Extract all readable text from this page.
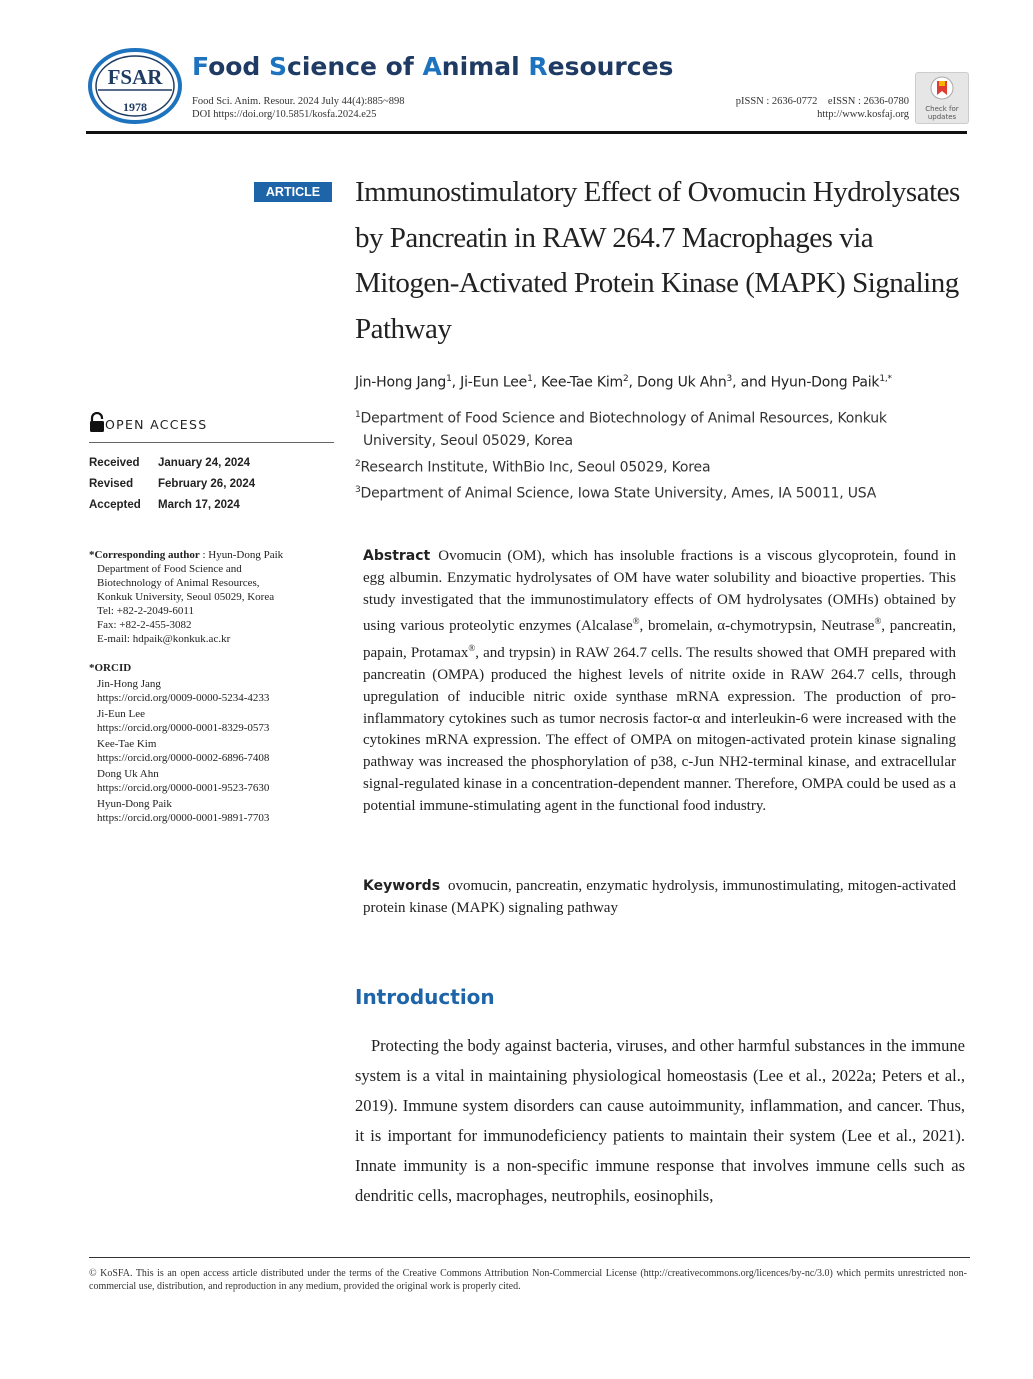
FSAR
1978
Food Science of Animal Resources
Food Sci. Anim. Resour. 2024 July 44(4):885~898
DOI https://doi.org/10.5851/kosfa.2024.e25
pISSN : 2636-0772    eISSN : 2636-0780
http://www.kosfaj.org	Check for updates
ARTICLE	Immunostimulatory Effect of Ovomucin Hydrolysates by Pancreatin in RAW 264.7 Macrophages via Mitogen-Activated Protein Kinase (MAPK) Signaling Pathway
Jin-Hong Jang$^1$, Ji-Eun Lee$^1$, Kee-Tae Kim$^2$, Dong Uk Ahn$^3$, and Hyun-Dong Paik$^{1,*}$
$^1$Department of Food Science and Biotechnology of Animal Resources, Konkuk
University, Seoul 05029, Korea
$^2$Research Institute, WithBio Inc, Seoul 05029, Korea
$^3$Department of Animal Science, Iowa State University, Ames, IA 50011, USA
OPEN ACCESS
Received January 24, 2024
Revised February 26, 2024
Accepted March 17, 2024
*Corresponding author : Hyun-Dong Paik
Department of Food Science and
Biotechnology of Animal Resources,
Konkuk University, Seoul 05029, Korea
Tel: +82-2-2049-6011
Fax: +82-2-455-3082
E-mail: hdpaik@konkuk.ac.kr
*ORCID
Jin-Hong Jang
https://orcid.org/0009-0000-5234-4233
Ji-Eun Lee
https://orcid.org/0000-0001-8329-0573
Kee-Tae Kim
https://orcid.org/0000-0002-6896-7408
Dong Uk Ahn
https://orcid.org/0000-0001-9523-7630
Hyun-Dong Paik
https://orcid.org/0000-0001-9891-7703
Abstract Ovomucin (OM), which has insoluble fractions is a viscous glycoprotein, found in egg albumin. Enzymatic hydrolysates of OM have water solubility and bioactive properties. This study investigated that the immunostimulatory effects of OM hydrolysates (OMHs) obtained by using various proteolytic enzymes (Alcalase®, bromelain, α-chymotrypsin, Neutrase®, pancreatin, papain, Protamax®, and trypsin) in RAW 264.7 cells. The results showed that OMH prepared with pancreatin (OMPA) produced the highest levels of nitrite oxide in RAW 264.7 cells, through upregulation of inducible nitric oxide synthase mRNA expression. The production of pro-inflammatory cytokines such as tumor necrosis factor-α and interleukin-6 were increased with the cytokines mRNA expression. The effect of OMPA on mitogen-activated protein kinase signaling pathway was increased the phosphorylation of p38, c-Jun NH2-terminal kinase, and extracellular signal-regulated kinase in a concentration-dependent manner. Therefore, OMPA could be used as a potential immune-stimulating agent in the functional food industry.
Keywords ovomucin, pancreatin, enzymatic hydrolysis, immunostimulating, mitogen-activated protein kinase (MAPK) signaling pathway
Introduction
Protecting the body against bacteria, viruses, and other harmful substances in the immune system is a vital in maintaining physiological homeostasis (Lee et al., 2022a; Peters et al., 2019). Immune system disorders can cause autoimmunity, inflammation, and cancer. Thus, it is important for immunodeficiency patients to maintain their system (Lee et al., 2021). Innate immunity is a non-specific immune response that involves immune cells such as dendritic cells, macrophages, neutrophils, eosinophils,
© KoSFA. This is an open access article distributed under the terms of the Creative Commons Attribution Non-Commercial License (http://creativecommons.org/licences/by-nc/3.0) which permits unrestricted non-commercial use, distribution, and reproduction in any medium, provided the original work is properly cited.
